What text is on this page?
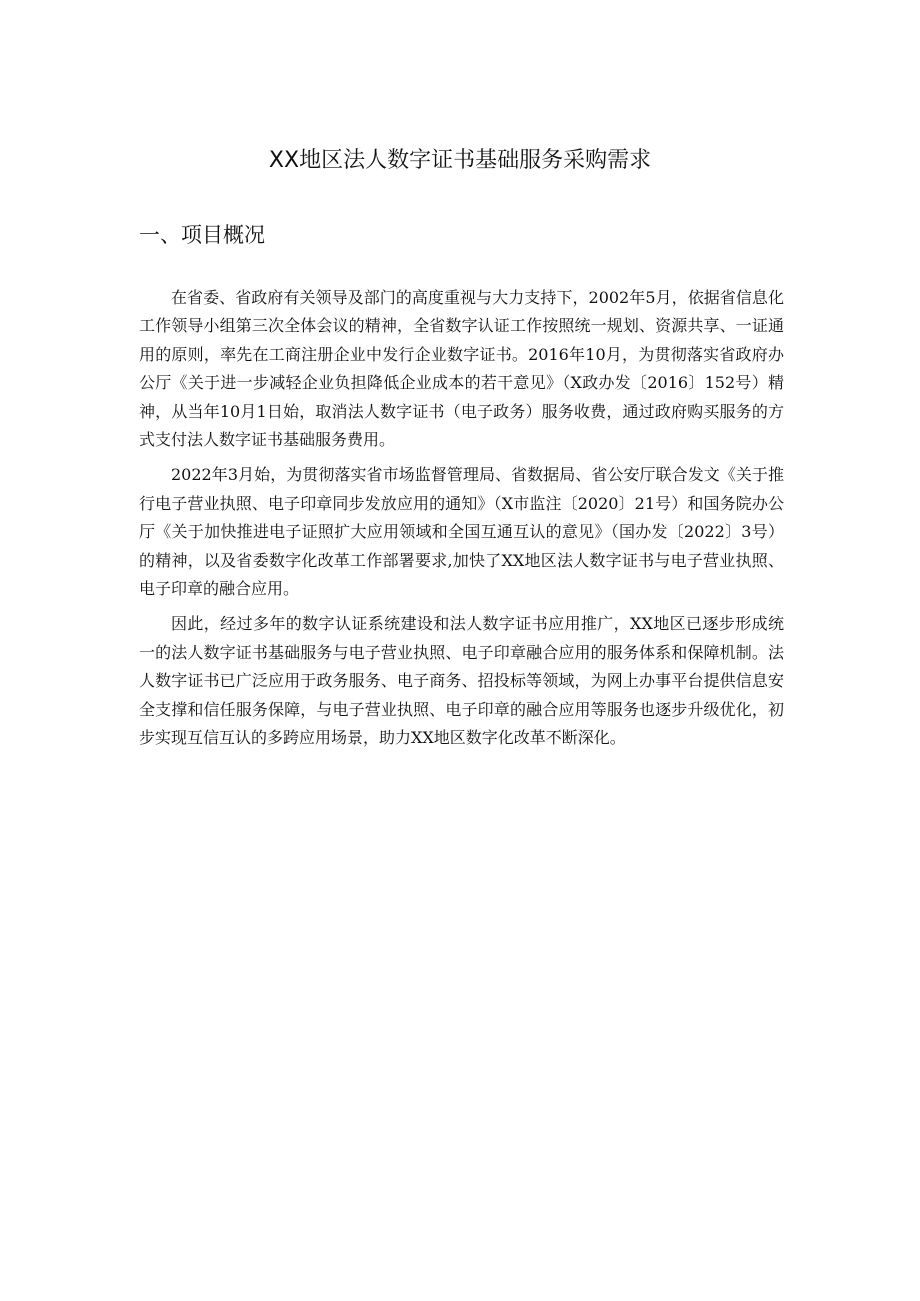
XX地区法人数字证书基础服务采购需求
一、项目概况

在省委、省政府有关领导及部门的高度重视与大力支持下，2002年5月，依据省信息化工作领导小组第三次全体会议的精神，全省数字认证工作按照统一规划、资源共享、一证通用的原则，率先在工商注册企业中发行企业数字证书。2016年10月，为贯彻落实省政府办公厅《关于进一步减轻企业负担降低企业成本的若干意见》（X政办发〔2016〕152号）精神，从当年10月1日始，取消法人数字证书（电子政务）服务收费，通过政府购买服务的方式支付法人数字证书基础服务费用。

2022年3月始，为贯彻落实省市场监督管理局、省数据局、省公安厅联合发文《关于推行电子营业执照、电子印章同步发放应用的通知》（X市监注〔2020〕21号）和国务院办公厅《关于加快推进电子证照扩大应用领域和全国互通互认的意见》（国办发〔2022〕3号）的精神，以及省委数字化改革工作部署要求,加快了XX地区法人数字证书与电子营业执照、电子印章的融合应用。

因此，经过多年的数字认证系统建设和法人数字证书应用推广，XX地区已逐步形成统一的法人数字证书基础服务与电子营业执照、电子印章融合应用的服务体系和保障机制。法人数字证书已广泛应用于政务服务、电子商务、招投标等领域，为网上办事平台提供信息安全支撑和信任服务保障，与电子营业执照、电子印章的融合应用等服务也逐步升级优化，初步实现互信互认的多跨应用场景，助力XX地区数字化改革不断深化。
